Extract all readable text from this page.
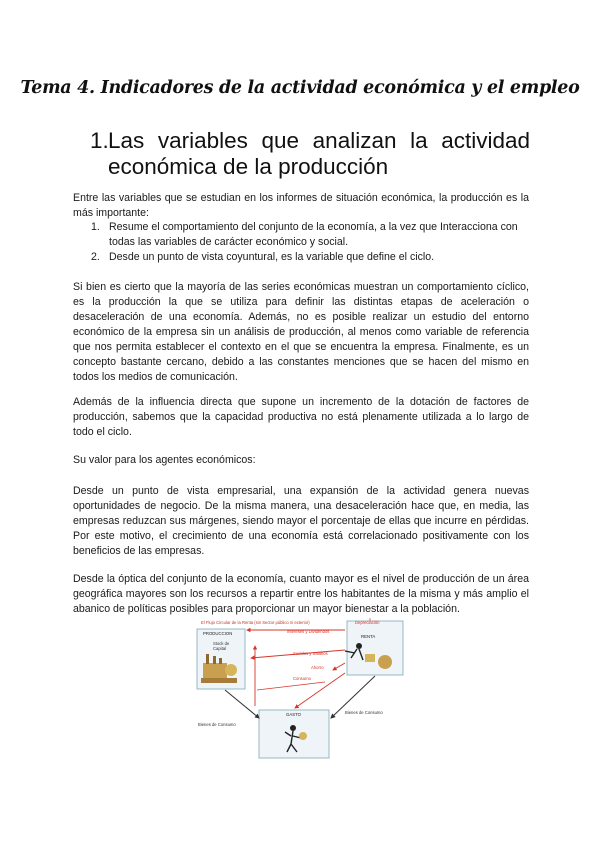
Tema 4. Indicadores de la actividad económica y el empleo
1. Las variables que analizan la actividad
económica de la producción
Entre las variables que se estudian en los informes de situación económica, la producción es la más importante:
1. Resume el comportamiento del conjunto de la economía, a la vez que Interacciona con todas las variables de carácter económico y social.
2. Desde un punto de vista coyuntural, es la variable que define el ciclo.
Si bien es cierto que la mayoría de las series económicas muestran un comportamiento cíclico, es la producción la que se utiliza para definir las distintas etapas de aceleración o desaceleración de una economía. Además, no es posible realizar un estudio del entorno económico de la empresa sin un análisis de producción, al menos como variable de referencia que nos permita establecer el contexto en el que se encuentra la empresa. Finalmente, es un concepto bastante cercano, debido a las constantes menciones que se hacen del mismo en todos los medios de comunicación.
Además de la influencia directa que supone un incremento de la dotación de factores de producción, sabemos que la capacidad productiva no está plenamente utilizada a lo largo de todo el ciclo.
Su valor para los agentes económicos:
Desde un punto de vista empresarial, una expansión de la actividad genera nuevas oportunidades de negocio. De la misma manera, una desaceleración hace que, en media, las empresas reduzcan sus márgenes, siendo mayor el porcentaje de ellas que incurre en pérdidas. Por este motivo, el crecimiento de una economía está correlacionado positivamente con los beneficios de las empresas.
Desde la óptica del conjunto de la economía, cuanto mayor es el nivel de producción de un área geográfica mayores son los recursos a repartir entre los habitantes de la misma y más amplio el abanico de políticas posibles para proporcionar un mayor bienestar a la población.
El Flujo Circular de la Renta (sin Sector público ni exterior)
PRODUCCION
Stock de
Capital
Depreciación
RENTA
GASTO
Intereses y Dividendos
Sueldos y Salarios
Ahorro
Consumo
Bienes de Consumo
Bienes de Consumo
